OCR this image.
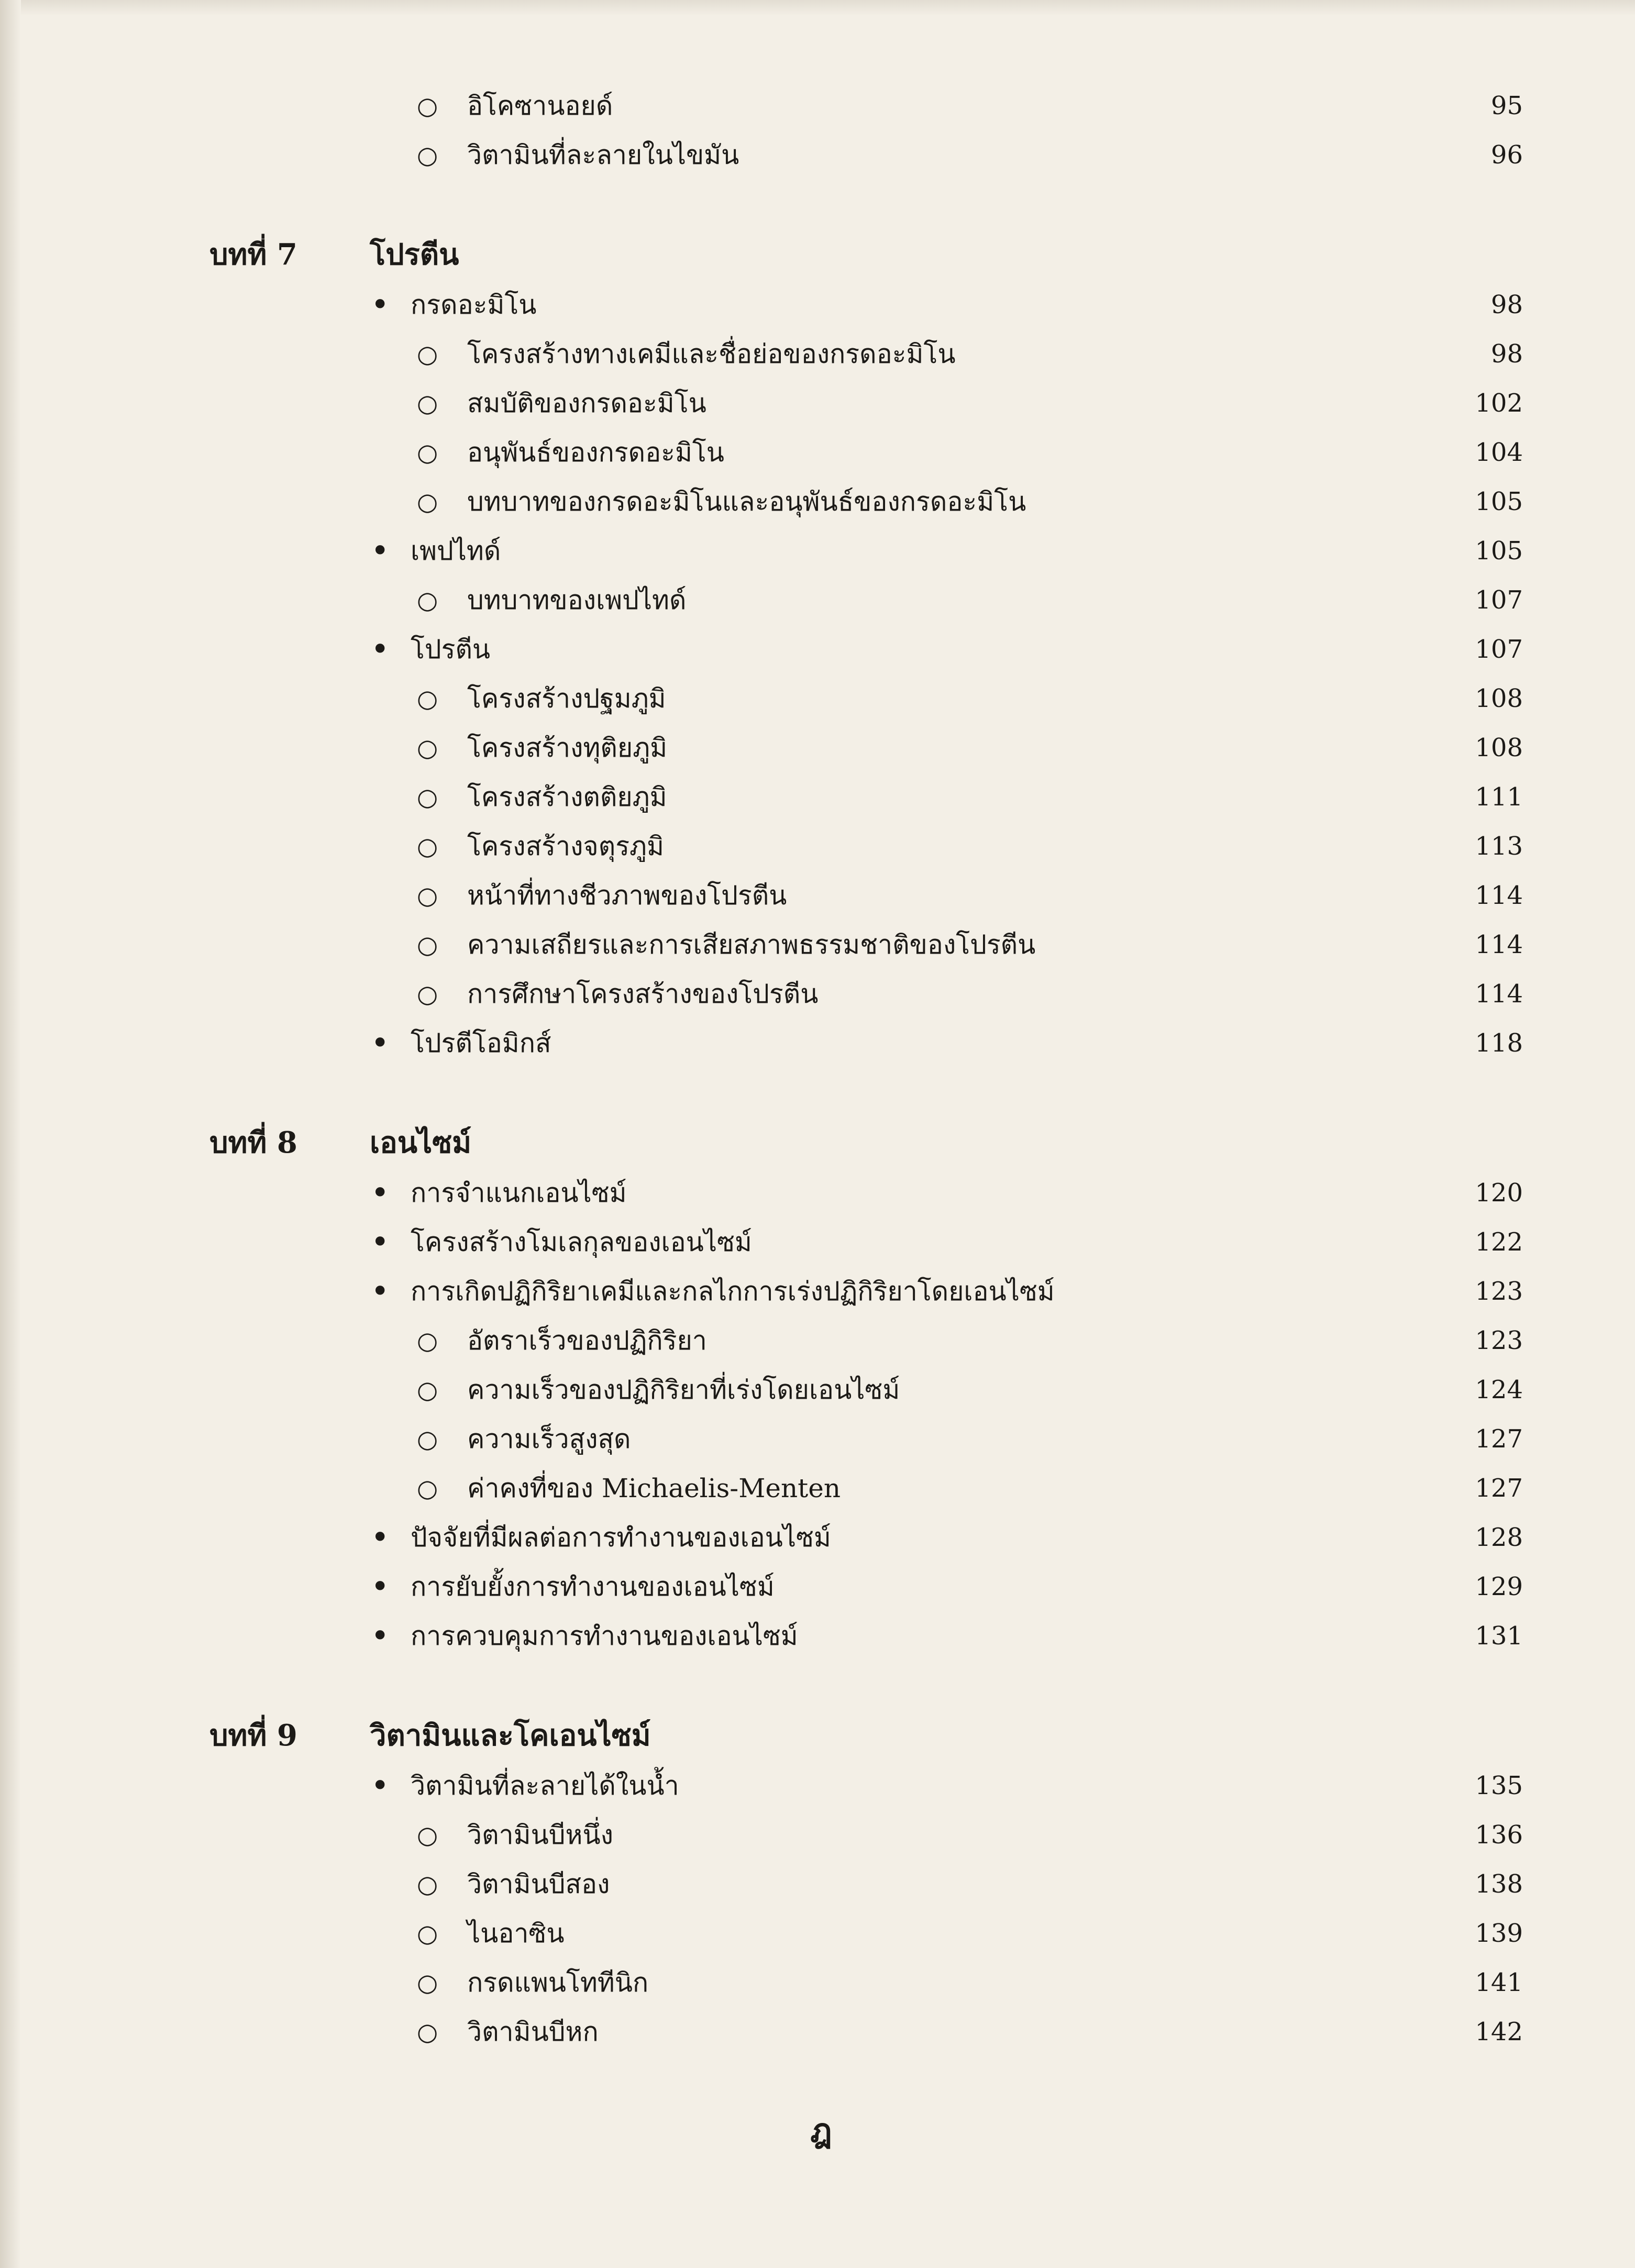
○ อิโคซานอยด์	95
○ วิตามินที่ละลายในไขมัน	96
บทที่ 7 โปรตีน
• กรดอะมิโน	98
○ โครงสร้างทางเคมีและชื่อย่อของกรดอะมิโน	98
○ สมบัติของกรดอะมิโน	102
○ อนุพันธ์ของกรดอะมิโน	104
○ บทบาทของกรดอะมิโนและอนุพันธ์ของกรดอะมิโน	105
• เพปไทด์	105
○ บทบาทของเพปไทด์	107
• โปรตีน	107
○ โครงสร้างปฐมภูมิ	108
○ โครงสร้างทุติยภูมิ	108
○ โครงสร้างตติยภูมิ	111
○ โครงสร้างจตุรภูมิ	113
○ หน้าที่ทางชีวภาพของโปรตีน	114
○ ความเสถียรและการเสียสภาพธรรมชาติของโปรตีน	114
○ การศึกษาโครงสร้างของโปรตีน	114
• โปรตีโอมิกส์	118
บทที่ 8 เอนไซม์
• การจำแนกเอนไซม์	120
• โครงสร้างโมเลกุลของเอนไซม์	122
• การเกิดปฏิกิริยาเคมีและกลไกการเร่งปฏิกิริยาโดยเอนไซม์	123
○ อัตราเร็วของปฏิกิริยา	123
○ ความเร็วของปฏิกิริยาที่เร่งโดยเอนไซม์	124
○ ความเร็วสูงสุด	127
○ ค่าคงที่ของ Michaelis-Menten	127
• ปัจจัยที่มีผลต่อการทำงานของเอนไซม์	128
• การยับยั้งการทำงานของเอนไซม์	129
• การควบคุมการทำงานของเอนไซม์	131
บทที่ 9 วิตามินและโคเอนไซม์
• วิตามินที่ละลายได้ในน้ำ	135
○ วิตามินบีหนึ่ง	136
○ วิตามินบีสอง	138
○ ไนอาซิน	139
○ กรดแพนโททีนิก	141
○ วิตามินบีหก	142
ฎ
